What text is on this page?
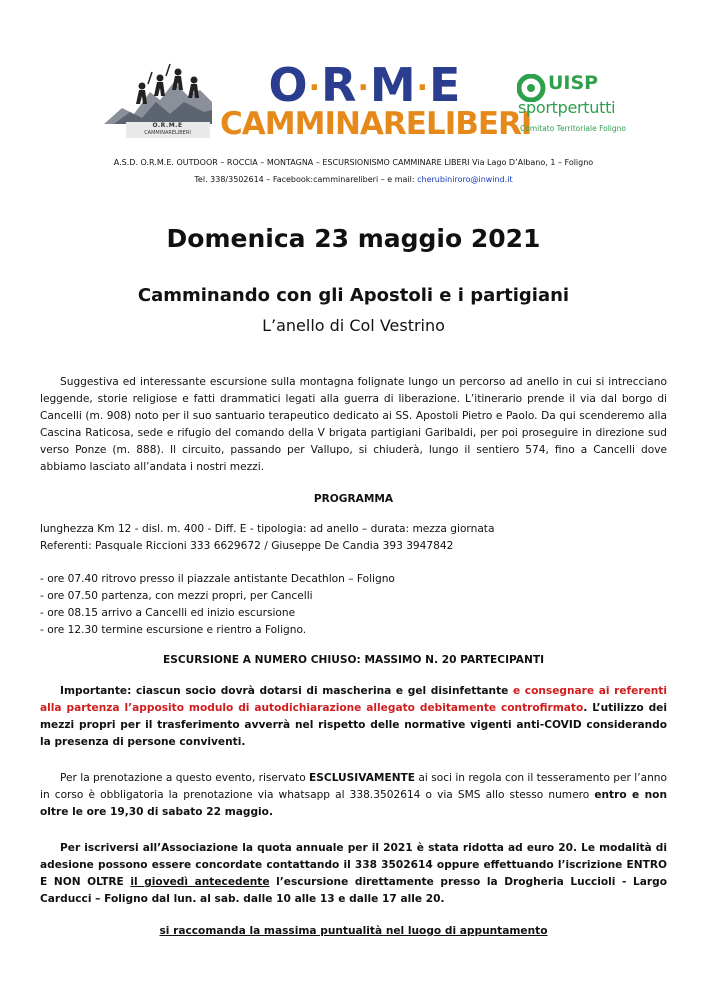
O.R.M.E
CAMMINARELIBERI
O·R·M·E
CAMMINARELIBERI
UISP
sportpertutti
Comitato Territoriale Foligno
A.S.D. O.R.M.E. OUTDOOR – ROCCIA – MONTAGNA – ESCURSIONISMO CAMMINARE LIBERI Via Lago D’Albano, 1 – Foligno
Tel. 338/3502614 – Facebook:camminareliberi – e mail: cherubiniroro@inwind.it
Domenica 23 maggio 2021
Camminando con gli Apostoli e i partigiani
L’anello di Col Vestrino
Suggestiva ed interessante escursione sulla montagna folignate lungo un percorso ad anello in cui si intrecciano leggende, storie religiose e fatti drammatici legati alla guerra di liberazione. L’itinerario prende il via dal borgo di Cancelli (m. 908) noto per il suo santuario terapeutico dedicato ai SS. Apostoli Pietro e Paolo. Da qui scenderemo alla Cascina Raticosa, sede e rifugio del comando della V brigata partigiani Garibaldi, per poi proseguire in direzione sud verso Ponze (m. 888). Il circuito, passando per Vallupo, si chiuderà, lungo il sentiero 574, fino a Cancelli dove abbiamo lasciato all’andata i nostri mezzi.
PROGRAMMA
lunghezza Km 12 - disl. m. 400 - Diff. E - tipologia: ad anello – durata: mezza giornata
Referenti: Pasquale Riccioni 333 6629672 / Giuseppe De Candia 393 3947842
- ore 07.40 ritrovo presso il piazzale antistante Decathlon – Foligno
- ore 07.50 partenza, con mezzi propri, per Cancelli
- ore 08.15 arrivo a Cancelli ed inizio escursione
- ore 12.30 termine escursione e rientro a Foligno.
ESCURSIONE A NUMERO CHIUSO: MASSIMO N. 20 PARTECIPANTI
Importante: ciascun socio dovrà dotarsi di mascherina e gel disinfettante e consegnare ai referenti alla partenza l’apposito modulo di autodichiarazione allegato debitamente controfirmato. L’utilizzo dei mezzi propri per il trasferimento avverrà nel rispetto delle normative vigenti anti-COVID considerando la presenza di persone conviventi.
Per la prenotazione a questo evento, riservato ESCLUSIVAMENTE ai soci in regola con il tesseramento per l’anno in corso è obbligatoria la prenotazione via whatsapp al 338.3502614 o via SMS allo stesso numero entro e non oltre le ore 19,30 di sabato 22 maggio.
Per iscriversi all’Associazione la quota annuale per il 2021 è stata ridotta ad euro 20. Le modalità di adesione possono essere concordate contattando il 338 3502614 oppure effettuando l’iscrizione ENTRO E NON OLTRE il giovedì antecedente l’escursione direttamente presso la Drogheria Luccioli - Largo Carducci – Foligno dal lun. al sab. dalle 10 alle 13 e dalle 17 alle 20.
si raccomanda la massima puntualità nel luogo di appuntamento
